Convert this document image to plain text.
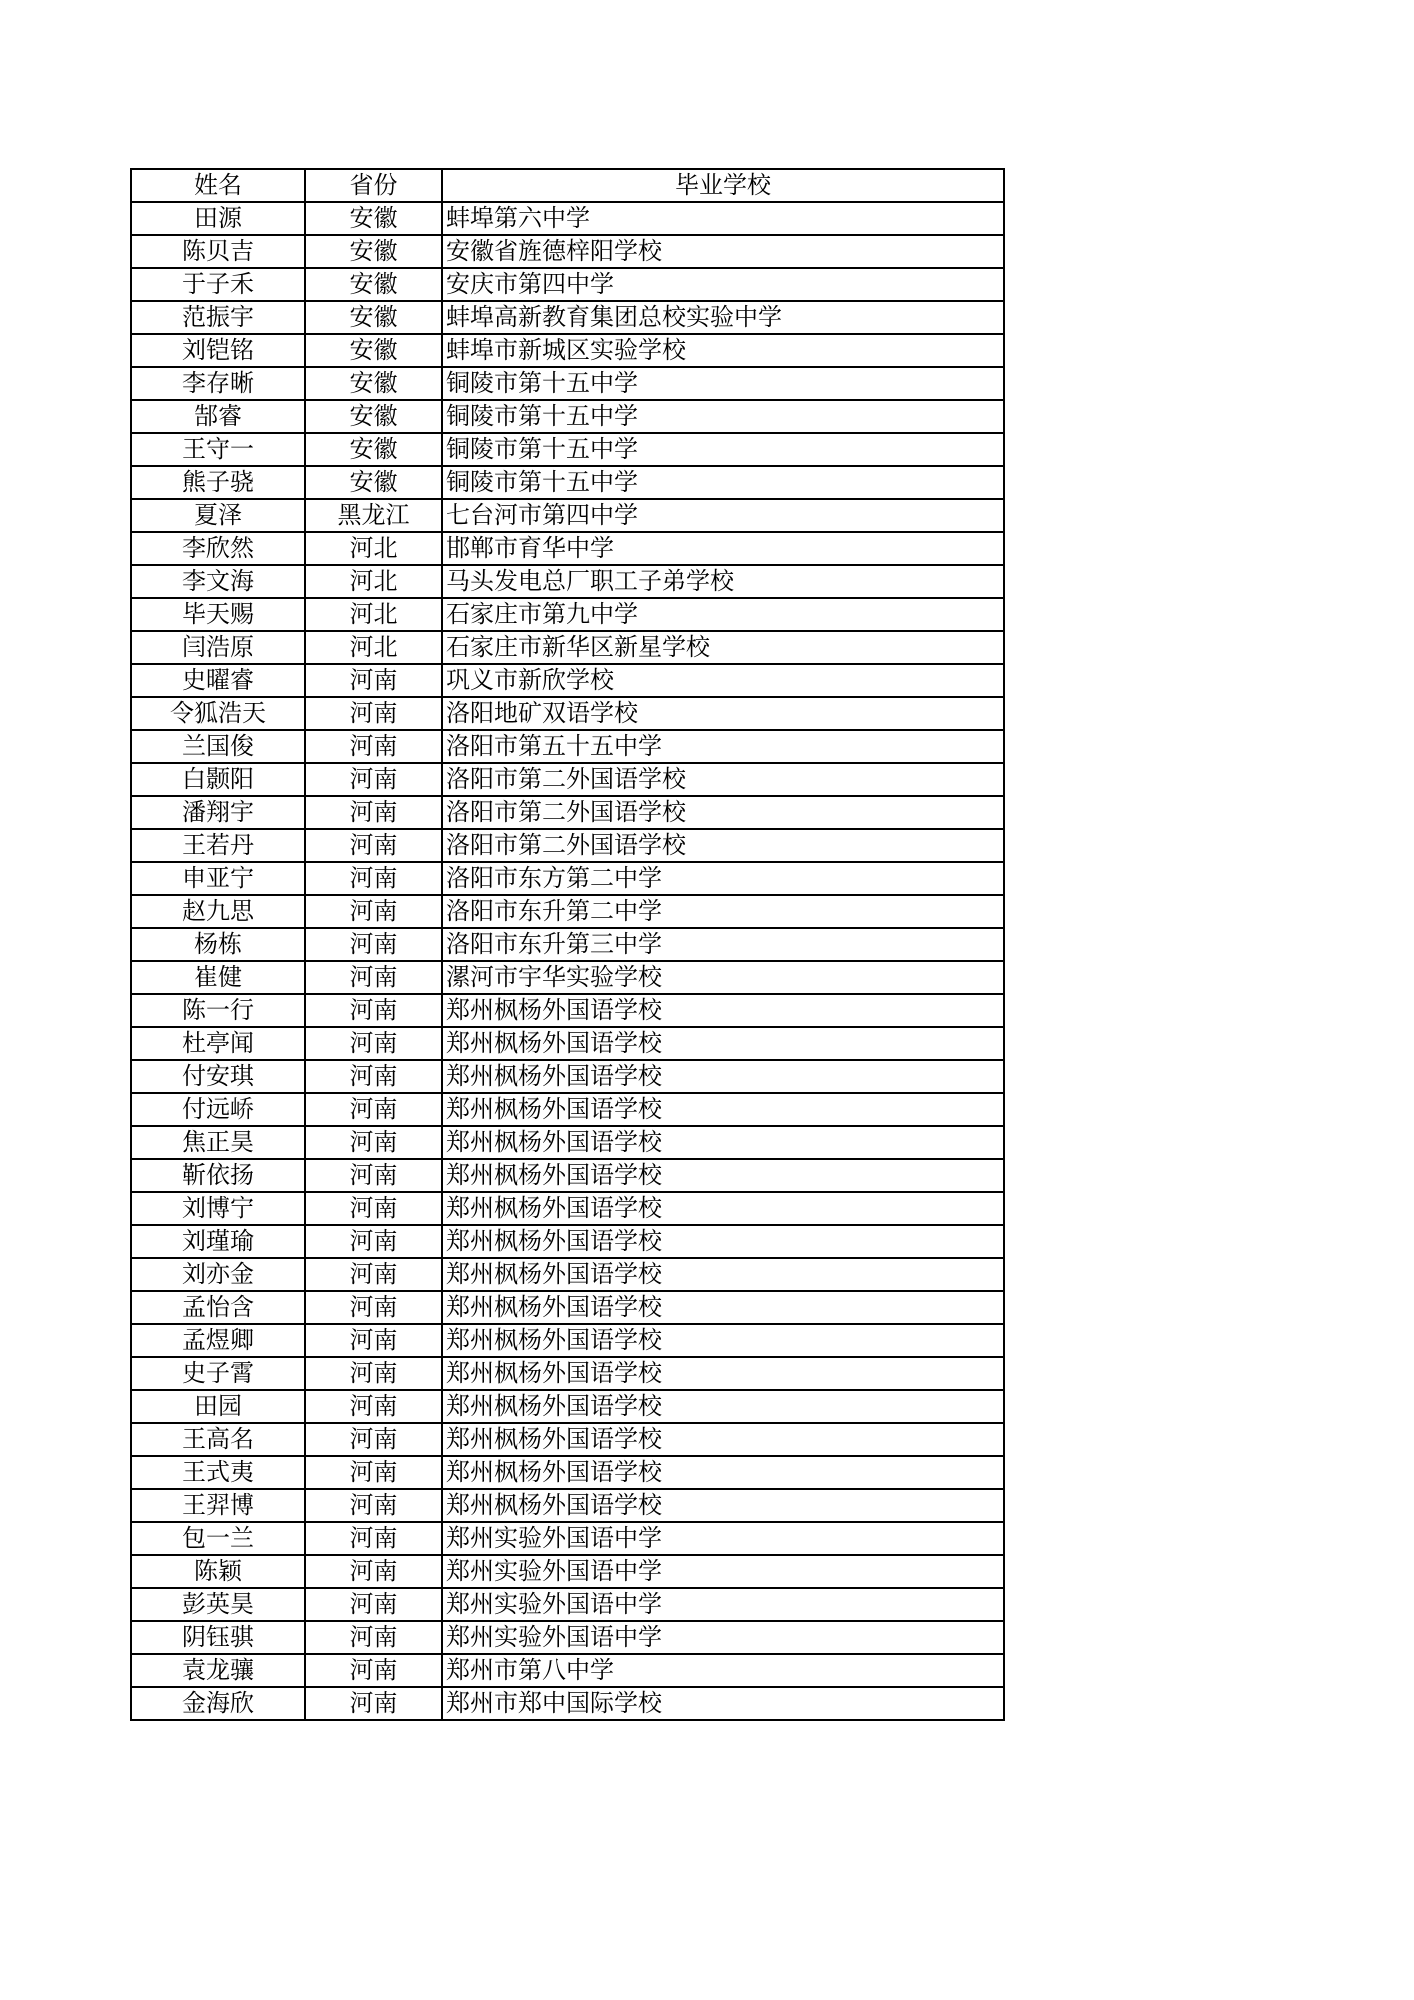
姓名	省份	毕业学校
田源	安徽	蚌埠第六中学
陈贝吉	安徽	安徽省旌德梓阳学校
于子禾	安徽	安庆市第四中学
范振宇	安徽	蚌埠高新教育集团总校实验中学
刘铠铭	安徽	蚌埠市新城区实验学校
李存晰	安徽	铜陵市第十五中学
郜睿	安徽	铜陵市第十五中学
王守一	安徽	铜陵市第十五中学
熊子骁	安徽	铜陵市第十五中学
夏泽	黑龙江	七台河市第四中学
李欣然	河北	邯郸市育华中学
李文海	河北	马头发电总厂职工子弟学校
毕天赐	河北	石家庄市第九中学
闫浩原	河北	石家庄市新华区新星学校
史曜睿	河南	巩义市新欣学校
令狐浩天	河南	洛阳地矿双语学校
兰国俊	河南	洛阳市第五十五中学
白颢阳	河南	洛阳市第二外国语学校
潘翔宇	河南	洛阳市第二外国语学校
王若丹	河南	洛阳市第二外国语学校
申亚宁	河南	洛阳市东方第二中学
赵九思	河南	洛阳市东升第二中学
杨栋	河南	洛阳市东升第三中学
崔健	河南	漯河市宇华实验学校
陈一行	河南	郑州枫杨外国语学校
杜亭闻	河南	郑州枫杨外国语学校
付安琪	河南	郑州枫杨外国语学校
付远峤	河南	郑州枫杨外国语学校
焦正昊	河南	郑州枫杨外国语学校
靳依扬	河南	郑州枫杨外国语学校
刘博宁	河南	郑州枫杨外国语学校
刘瑾瑜	河南	郑州枫杨外国语学校
刘亦金	河南	郑州枫杨外国语学校
孟怡含	河南	郑州枫杨外国语学校
孟煜卿	河南	郑州枫杨外国语学校
史子霄	河南	郑州枫杨外国语学校
田园	河南	郑州枫杨外国语学校
王高名	河南	郑州枫杨外国语学校
王式夷	河南	郑州枫杨外国语学校
王羿博	河南	郑州枫杨外国语学校
包一兰	河南	郑州实验外国语中学
陈颖	河南	郑州实验外国语中学
彭英昊	河南	郑州实验外国语中学
阴钰骐	河南	郑州实验外国语中学
袁龙骧	河南	郑州市第八中学
金海欣	河南	郑州市郑中国际学校
